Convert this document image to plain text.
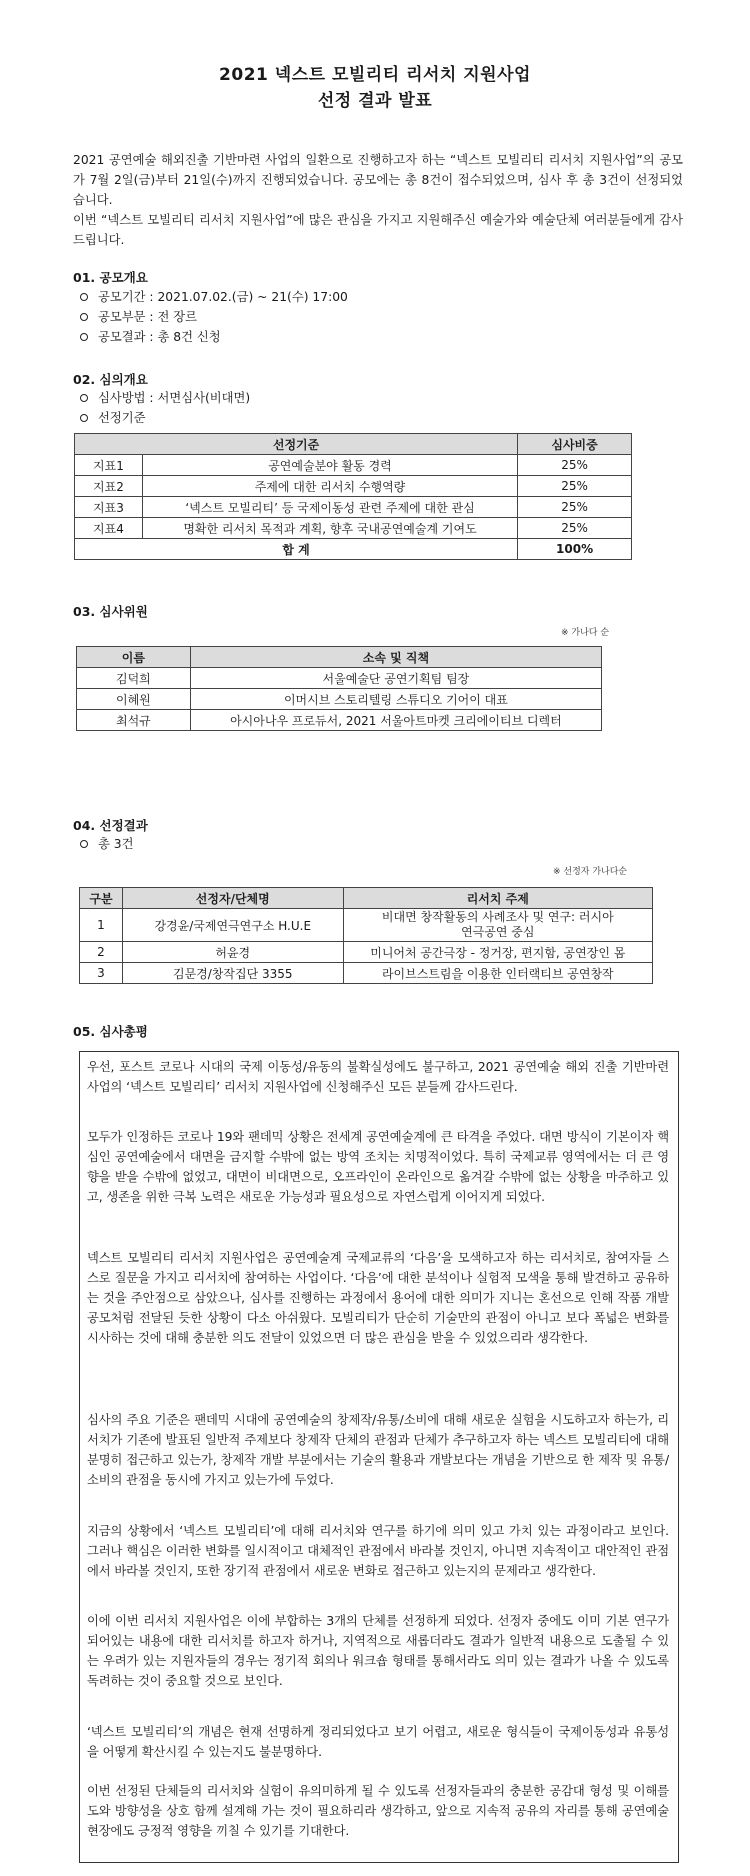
2021 넥스트 모빌리티 리서치 지원사업
선정 결과 발표
2021 공연예술 해외진출 기반마련 사업의 일환으로 진행하고자 하는 “넥스트 모빌리티 리서치 지원사업”의 공모가 7월 2일(금)부터 21일(수)까지 진행되었습니다. 공모에는 총 8건이 접수되었으며, 심사 후 총 3건이 선정되었습니다.
이번 “넥스트 모빌리티 리서치 지원사업”에 많은 관심을 가지고 지원해주신 예술가와 예술단체 여러분들에게 감사드립니다.
01. 공모개요
공모기간 : 2021.07.02.(금) ~ 21(수) 17:00
공모부문 : 전 장르
공모결과 : 총 8건 신청
02. 심의개요
심사방법 : 서면심사(비대면)
선정기준
선정기준		심사비중
지표1	공연예술분야 활동 경력	25%
지표2	주제에 대한 리서치 수행역량	25%
지표3	‘넥스트 모빌리티’ 등 국제이동성 관련 주제에 대한 관심	25%
지표4	명확한 리서치 목적과 계획, 향후 국내공연예술계 기여도	25%
합 계		100%
03. 심사위원
※ 가나다 순
이름	소속 및 직책
김덕희	서울예술단 공연기획팀 팀장
이혜원	이머시브 스토리텔링 스튜디오 기어이 대표
최석규	아시아나우 프로듀서, 2021 서울아트마켓 크리에이티브 디렉터
04. 선정결과
총 3건
※ 선정자 가나다순
구분	선정자/단체명	리서치 주제
1	강경윤/국제연극연구소 H.U.E	비대면 창작활동의 사례조사 및 연구: 러시아
연극공연 중심

2	허윤경	미니어처 공간극장 - 정거장, 편지함, 공연장인 몸
3	김문경/창작집단 3355	라이브스트림을 이용한 인터랙티브 공연창작
05. 심사총평
우선, 포스트 코로나 시대의 국제 이동성/유동의 불확실성에도 불구하고, 2021 공연예술 해외 진출 기반마련 사업의 ‘넥스트 모빌리티’ 리서치 지원사업에 신청해주신 모든 분들께 감사드린다.
모두가 인정하든 코로나 19와 팬데믹 상황은 전세계 공연예술계에 큰 타격을 주었다. 대면 방식이 기본이자 핵심인 공연예술에서 대면을 금지할 수밖에 없는 방역 조치는 치명적이었다. 특히 국제교류 영역에서는 더 큰 영향을 받을 수밖에 없었고, 대면이 비대면으로, 오프라인이 온라인으로 옮겨갈 수밖에 없는 상황을 마주하고 있고, 생존을 위한 극복 노력은 새로운 가능성과 필요성으로 자연스럽게 이어지게 되었다.
넥스트 모빌리티 리서치 지원사업은 공연예술계 국제교류의 ‘다음’을 모색하고자 하는 리서치로, 참여자들 스스로 질문을 가지고 리서치에 참여하는 사업이다. ‘다음’에 대한 분석이나 실험적 모색을 통해 발견하고 공유하는 것을 주안점으로 삼았으나, 심사를 진행하는 과정에서 용어에 대한 의미가 지니는 혼선으로 인해 작품 개발 공모처럼 전달된 듯한 상황이 다소 아쉬웠다. 모빌리티가 단순히 기술만의 관점이 아니고 보다 폭넓은 변화를 시사하는 것에 대해 충분한 의도 전달이 있었으면 더 많은 관심을 받을 수 있었으리라 생각한다.
심사의 주요 기준은 팬데믹 시대에 공연예술의 창제작/유통/소비에 대해 새로운 실험을 시도하고자 하는가, 리서치가 기존에 발표된 일반적 주제보다 창제작 단체의 관점과 단체가 추구하고자 하는 넥스트 모빌리티에 대해 분명히 접근하고 있는가, 창제작 개발 부분에서는 기술의 활용과 개발보다는 개념을 기반으로 한 제작 및 유통/소비의 관점을 동시에 가지고 있는가에 두었다.
지금의 상황에서 ‘넥스트 모빌리티’에 대해 리서치와 연구를 하기에 의미 있고 가치 있는 과정이라고 보인다. 그러나 핵심은 이러한 변화를 일시적이고 대체적인 관점에서 바라볼 것인지, 아니면 지속적이고 대안적인 관점에서 바라볼 것인지, 또한 장기적 관점에서 새로운 변화로 접근하고 있는지의 문제라고 생각한다.
이에 이번 리서치 지원사업은 이에 부합하는 3개의 단체를 선정하게 되었다. 선정자 중에도 이미 기본 연구가 되어있는 내용에 대한 리서치를 하고자 하거나, 지역적으로 새롭더라도 결과가 일반적 내용으로 도출될 수 있는 우려가 있는 지원자들의 경우는 정기적 회의나 워크숍 형태를 통해서라도 의미 있는 결과가 나올 수 있도록 독려하는 것이 중요할 것으로 보인다.
‘넥스트 모빌리티’의 개념은 현재 선명하게 정리되었다고 보기 어렵고, 새로운 형식들이 국제이동성과 유통성을 어떻게 확산시킬 수 있는지도 불분명하다.
이번 선정된 단체들의 리서치와 실험이 유의미하게 될 수 있도록 선정자들과의 충분한 공감대 형성 및 이해를 도와 방향성을 상호 함께 설계해 가는 것이 필요하리라 생각하고, 앞으로 지속적 공유의 자리를 통해 공연예술 현장에도 긍정적 영향을 끼칠 수 있기를 기대한다.
